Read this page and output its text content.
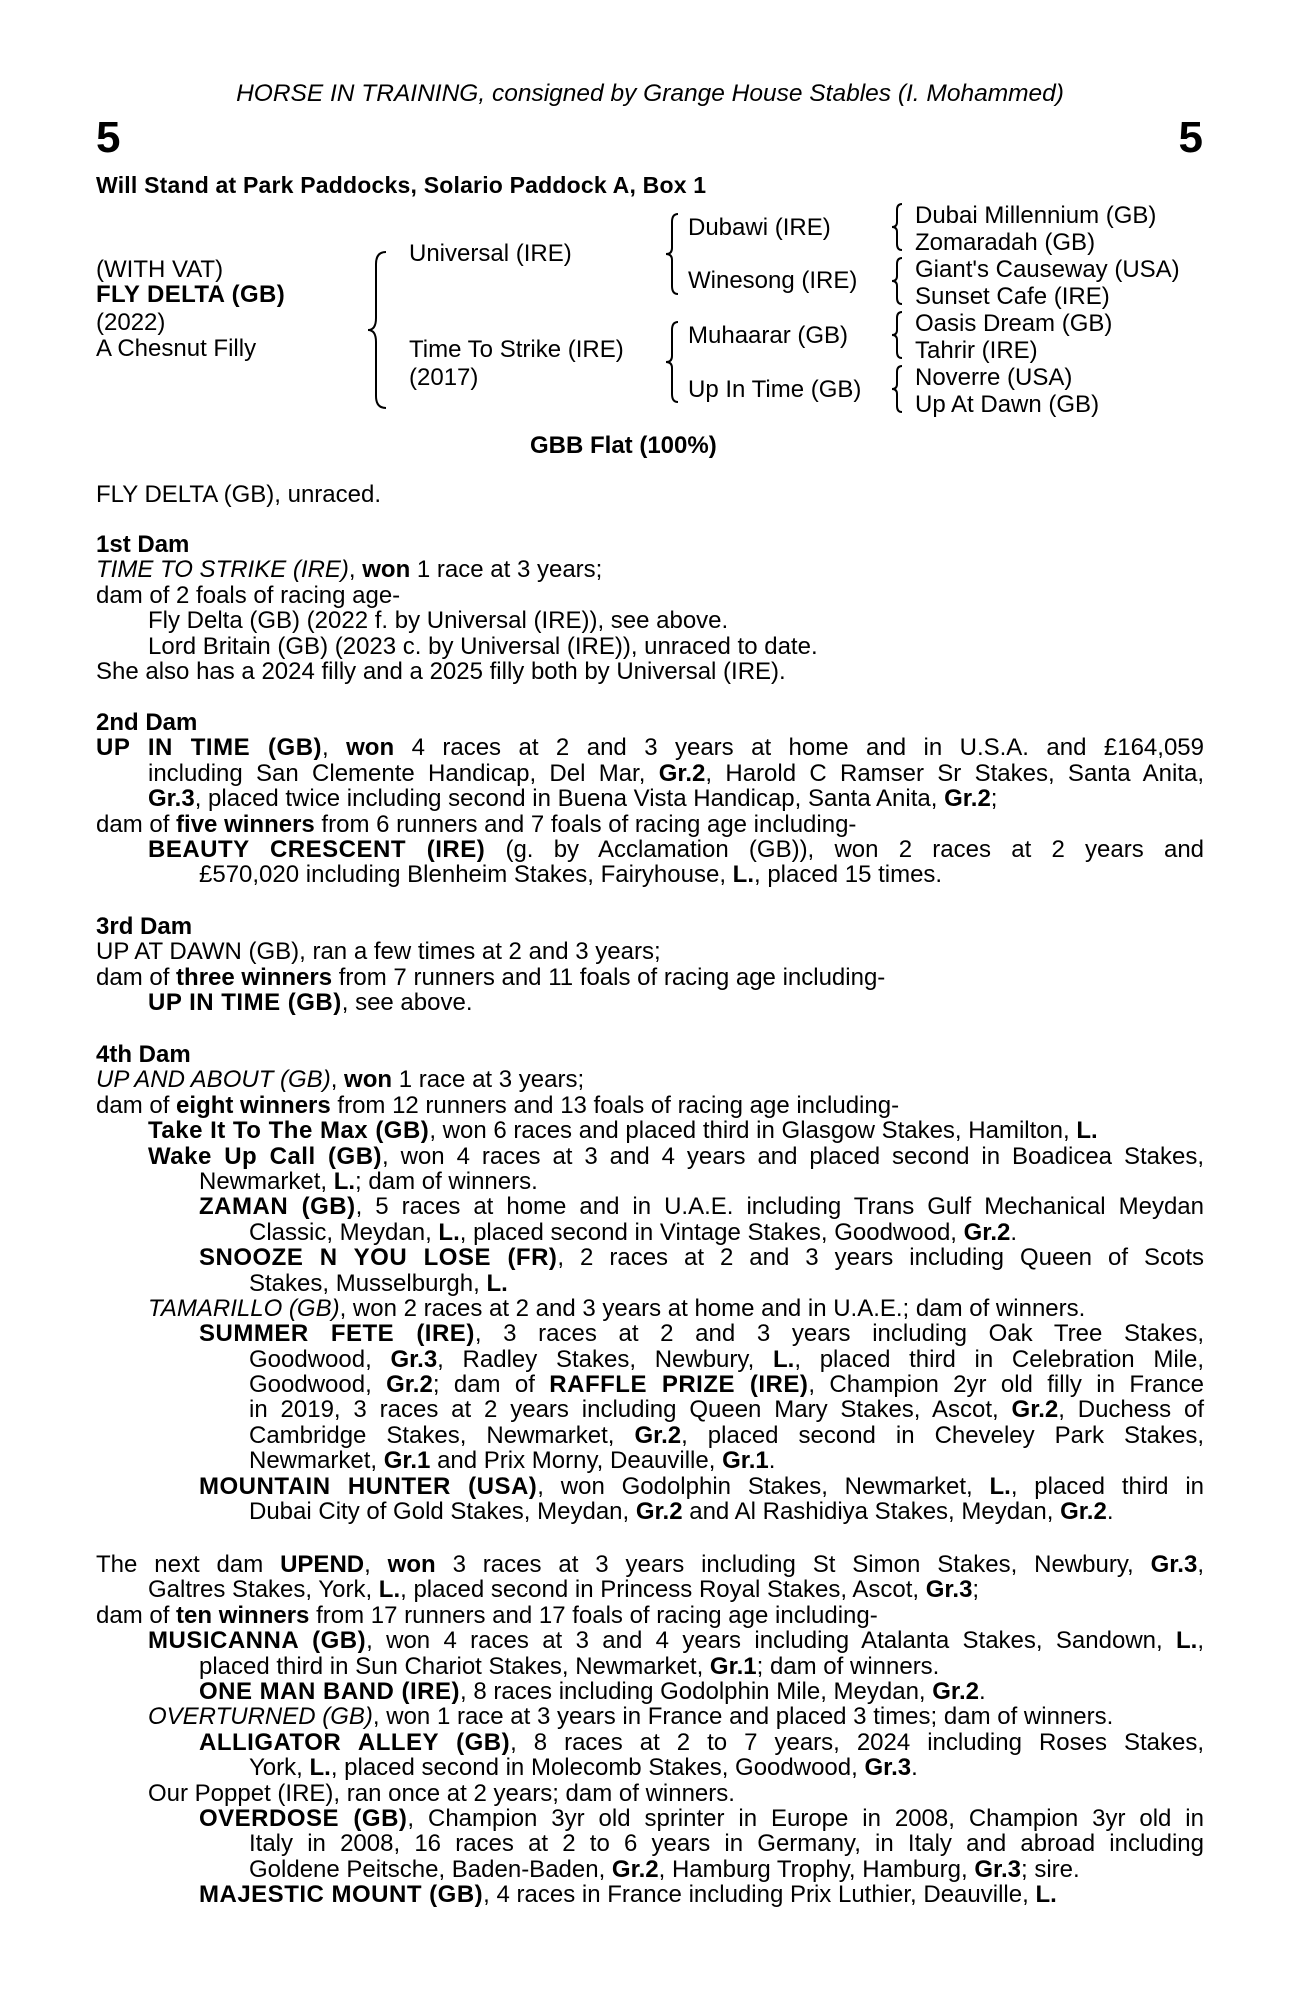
HORSE IN TRAINING, consigned by Grange House Stables (I. Mohammed)
5	5
Will Stand at Park Paddocks, Solario Paddock A, Box 1
(WITH VAT)
FLY DELTA (GB)
(2022)
A Chesnut Filly
Universal (IRE)
Time To Strike (IRE)
(2017)
Dubawi (IRE)
Winesong (IRE)
Muhaarar (GB)
Up In Time (GB)
Dubai Millennium (GB)
Zomaradah (GB)
Giant's Causeway (USA)
Sunset Cafe (IRE)
Oasis Dream (GB)
Tahrir (IRE)
Noverre (USA)
Up At Dawn (GB)
GBB Flat (100%)
FLY DELTA (GB), unraced.
1st Dam
TIME TO STRIKE (IRE), won 1 race at 3 years;
dam of 2 foals of racing age-
Fly Delta (GB) (2022 f. by Universal (IRE)), see above.
Lord Britain (GB) (2023 c. by Universal (IRE)), unraced to date.
She also has a 2024 filly and a 2025 filly both by Universal (IRE).
2nd Dam
UP IN TIME (GB), won 4 races at 2 and 3 years at home and in U.S.A. and £164,059
including San Clemente Handicap, Del Mar, Gr.2, Harold C Ramser Sr Stakes, Santa Anita,
Gr.3, placed twice including second in Buena Vista Handicap, Santa Anita, Gr.2;
dam of five winners from 6 runners and 7 foals of racing age including-
BEAUTY CRESCENT (IRE) (g. by Acclamation (GB)), won 2 races at 2 years and
£570,020 including Blenheim Stakes, Fairyhouse, L., placed 15 times.
3rd Dam
UP AT DAWN (GB), ran a few times at 2 and 3 years;
dam of three winners from 7 runners and 11 foals of racing age including-
UP IN TIME (GB), see above.
4th Dam
UP AND ABOUT (GB), won 1 race at 3 years;
dam of eight winners from 12 runners and 13 foals of racing age including-
Take It To The Max (GB), won 6 races and placed third in Glasgow Stakes, Hamilton, L.
Wake Up Call (GB), won 4 races at 3 and 4 years and placed second in Boadicea Stakes,
Newmarket, L.; dam of winners.
ZAMAN (GB), 5 races at home and in U.A.E. including Trans Gulf Mechanical Meydan
Classic, Meydan, L., placed second in Vintage Stakes, Goodwood, Gr.2.
SNOOZE N YOU LOSE (FR), 2 races at 2 and 3 years including Queen of Scots
Stakes, Musselburgh, L.
TAMARILLO (GB), won 2 races at 2 and 3 years at home and in U.A.E.; dam of winners.
SUMMER FETE (IRE), 3 races at 2 and 3 years including Oak Tree Stakes,
Goodwood, Gr.3, Radley Stakes, Newbury, L., placed third in Celebration Mile,
Goodwood, Gr.2; dam of RAFFLE PRIZE (IRE), Champion 2yr old filly in France
in 2019, 3 races at 2 years including Queen Mary Stakes, Ascot, Gr.2, Duchess of
Cambridge Stakes, Newmarket, Gr.2, placed second in Cheveley Park Stakes,
Newmarket, Gr.1 and Prix Morny, Deauville, Gr.1.
MOUNTAIN HUNTER (USA), won Godolphin Stakes, Newmarket, L., placed third in
Dubai City of Gold Stakes, Meydan, Gr.2 and Al Rashidiya Stakes, Meydan, Gr.2.
The next dam UPEND, won 3 races at 3 years including St Simon Stakes, Newbury, Gr.3,
Galtres Stakes, York, L., placed second in Princess Royal Stakes, Ascot, Gr.3;
dam of ten winners from 17 runners and 17 foals of racing age including-
MUSICANNA (GB), won 4 races at 3 and 4 years including Atalanta Stakes, Sandown, L.,
placed third in Sun Chariot Stakes, Newmarket, Gr.1; dam of winners.
ONE MAN BAND (IRE), 8 races including Godolphin Mile, Meydan, Gr.2.
OVERTURNED (GB), won 1 race at 3 years in France and placed 3 times; dam of winners.
ALLIGATOR ALLEY (GB), 8 races at 2 to 7 years, 2024 including Roses Stakes,
York, L., placed second in Molecomb Stakes, Goodwood, Gr.3.
Our Poppet (IRE), ran once at 2 years; dam of winners.
OVERDOSE (GB), Champion 3yr old sprinter in Europe in 2008, Champion 3yr old in
Italy in 2008, 16 races at 2 to 6 years in Germany, in Italy and abroad including
Goldene Peitsche, Baden-Baden, Gr.2, Hamburg Trophy, Hamburg, Gr.3; sire.
MAJESTIC MOUNT (GB), 4 races in France including Prix Luthier, Deauville, L.
